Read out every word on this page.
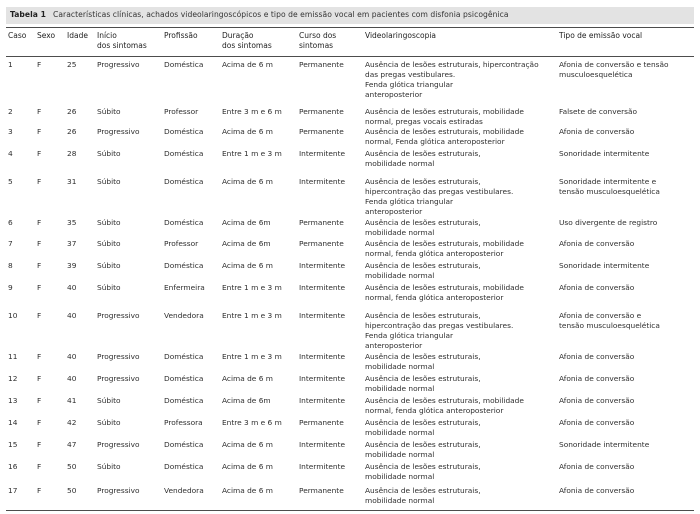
Tabela 1 Características clínicas, achados videolaringoscópicos e tipo de emissão vocal em pacientes com disfonia psicogênica
Caso Sexo Idade Início
dos sintomas
Profissão	Duração
dos sintomas
Curso dos
sintomas
Videolaringoscopia	Tipo de emissão vocal
1	F	25	Progressivo	Doméstica	Acima de 6 m	Permanente	Ausência de lesões estruturais, hipercontração
das pregas vestibulares.
Fenda glótica triangular
anteroposterior
Afonia de conversão e tensão
musculoesquelética
2	F	26	Súbito	Professor	Entre 3 m e 6 m Permanente	Ausência de lesões estruturais, mobilidade
normal, pregas vocais estiradas
Falsete de conversão
3	F	26	Progressivo	Doméstica	Acima de 6 m	Permanente	Ausência de lesões estruturais, mobilidade
normal, Fenda glótica anteroposterior
Afonia de conversão
4	F	28	Súbito	Doméstica	Entre 1 m e 3 m Intermitente	Ausência de lesões estruturais,
mobilidade normal
Sonoridade intermitente
5	F	31	Súbito	Doméstica	Acima de 6 m	Intermitente	Ausência de lesões estruturais,
hipercontração das pregas vestibulares.
Fenda glótica triangular
anteroposterior
Sonoridade intermitente e
tensão musculoesquelética
6	F	35	Súbito	Doméstica	Acima de 6m	Permanente	Ausência de lesões estruturais,
mobilidade normal
Uso divergente de registro
7	F	37	Súbito	Professor	Acima de 6m	Permanente	Ausência de lesões estruturais, mobilidade
normal, fenda glótica anteroposterior
Afonia de conversão
8	F	39	Súbito	Doméstica	Acima de 6 m	Intermitente	Ausência de lesões estruturais,
mobilidade normal
Sonoridade intermitente
9	F	40	Súbito	Enfermeira Entre 1 m e 3 m Intermitente	Ausência de lesões estruturais, mobilidade
normal, fenda glótica anteroposterior
Afonia de conversão
10	F	40	Progressivo	Vendedora Entre 1 m e 3 m Intermitente	Ausência de lesões estruturais,
hipercontração das pregas vestibulares.
Fenda glótica triangular
anteroposterior
Afonia de conversão e
tensão musculoesquelética
11	F	40	Progressivo	Doméstica	Entre 1 m e 3 m Intermitente	Ausência de lesões estruturais,
mobilidade normal
Afonia de conversão
12	F	40	Progressivo	Doméstica	Acima de 6 m	Intermitente	Ausência de lesões estruturais,
mobilidade normal
Afonia de conversão
13	F	41	Súbito	Doméstica	Acima de 6m	Intermitente	Ausência de lesões estruturais, mobilidade
normal, fenda glótica anteroposterior
Afonia de conversão
14	F	42	Súbito	Professora	Entre 3 m e 6 m Permanente	Ausência de lesões estruturais,
mobilidade normal
Afonia de conversão
15	F	47	Progressivo	Doméstica	Acima de 6 m	Intermitente	Ausência de lesões estruturais,
mobilidade normal
Sonoridade intermitente
16	F	50	Súbito	Doméstica	Acima de 6 m	Intermitente	Ausência de lesões estruturais,
mobilidade normal
Afonia de conversão
17	F	50	Progressivo	Vendedora Acima de 6 m	Permanente	Ausência de lesões estruturais,
mobilidade normal
Afonia de conversão
